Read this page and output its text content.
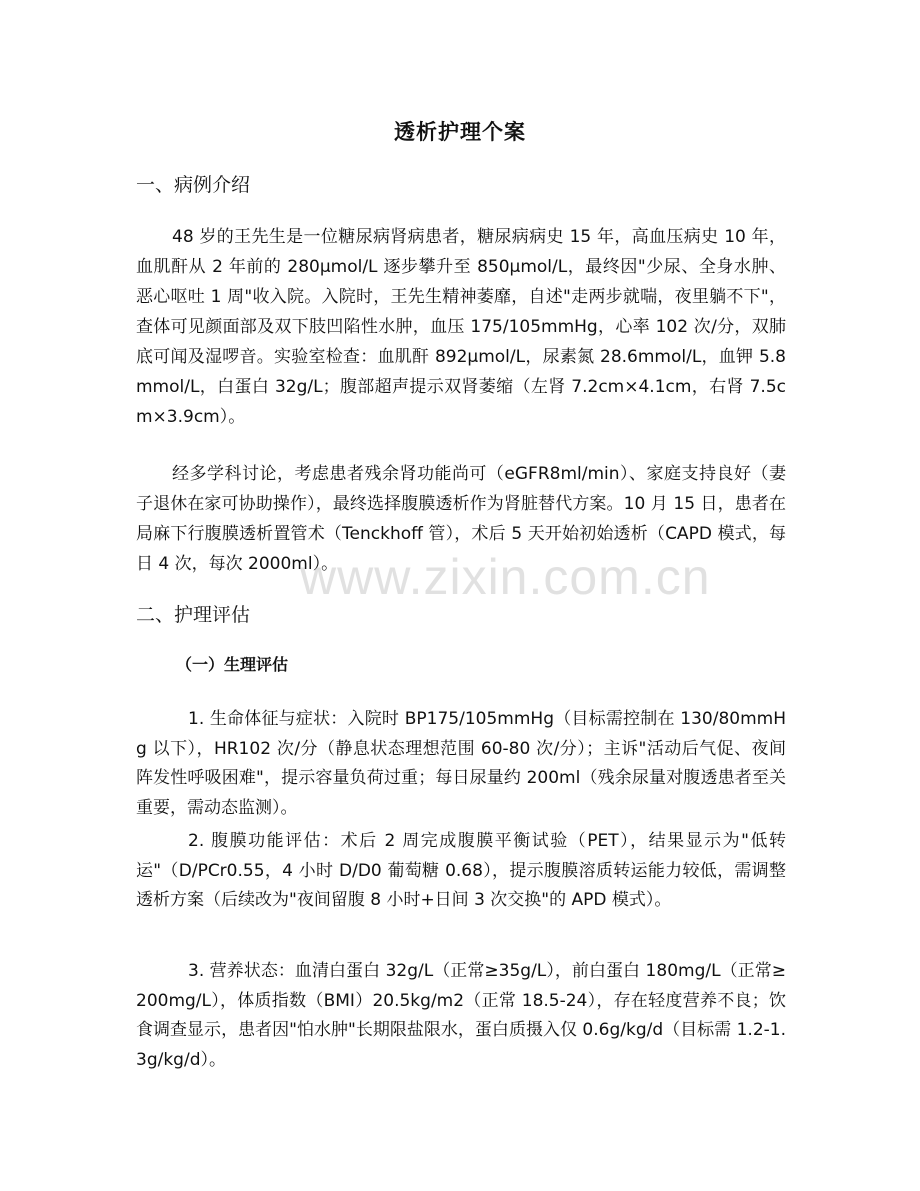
透析护理个案
一、病例介绍

48 岁的王先生是一位糖尿病肾病患者，糖尿病病史 15 年，高血压病史 10 年，血肌酐从 2 年前的 280μmol/L 逐步攀升至 850μmol/L，最终因"少尿、全身水肿、恶心呕吐 1 周"收入院。入院时，王先生精神萎靡，自述"走两步就喘，夜里躺不下"，查体可见颜面部及双下肢凹陷性水肿，血压 175/105mmHg，心率 102 次/分，双肺底可闻及湿啰音。实验室检查：血肌酐 892μmol/L，尿素氮 28.6mmol/L，血钾 5.8mmol/L，白蛋白 32g/L；腹部超声提示双肾萎缩（左肾 7.2cm×4.1cm，右肾 7.5cm×3.9cm）。

经多学科讨论，考虑患者残余肾功能尚可（eGFR8ml/min）、家庭支持良好（妻子退休在家可协助操作），最终选择腹膜透析作为肾脏替代方案。10 月 15 日，患者在局麻下行腹膜透析置管术（Tenckhoff 管），术后 5 天开始初始透析（CAPD 模式，每日 4 次，每次 2000ml）。

二、护理评估
（一）生理评估

1. 生命体征与症状：入院时 BP175/105mmHg（目标需控制在 130/80mmHg 以下），HR102 次/分（静息状态理想范围 60-80 次/分）；主诉"活动后气促、夜间阵发性呼吸困难"，提示容量负荷过重；每日尿量约 200ml（残余尿量对腹透患者至关重要，需动态监测）。

2. 腹膜功能评估：术后 2 周完成腹膜平衡试验（PET），结果显示为"低转运"（D/PCr0.55，4 小时 D/D0 葡萄糖 0.68），提示腹膜溶质转运能力较低，需调整透析方案（后续改为"夜间留腹 8 小时+日间 3 次交换"的 APD 模式）。

3. 营养状态：血清白蛋白 32g/L（正常≥35g/L），前白蛋白 180mg/L（正常≥200mg/L），体质指数（BMI）20.5kg/m2（正常 18.5-24），存在轻度营养不良；饮食调查显示，患者因"怕水肿"长期限盐限水，蛋白质摄入仅 0.6g/kg/d（目标需 1.2-1.3g/kg/d）。

www.zixin.com.cn
